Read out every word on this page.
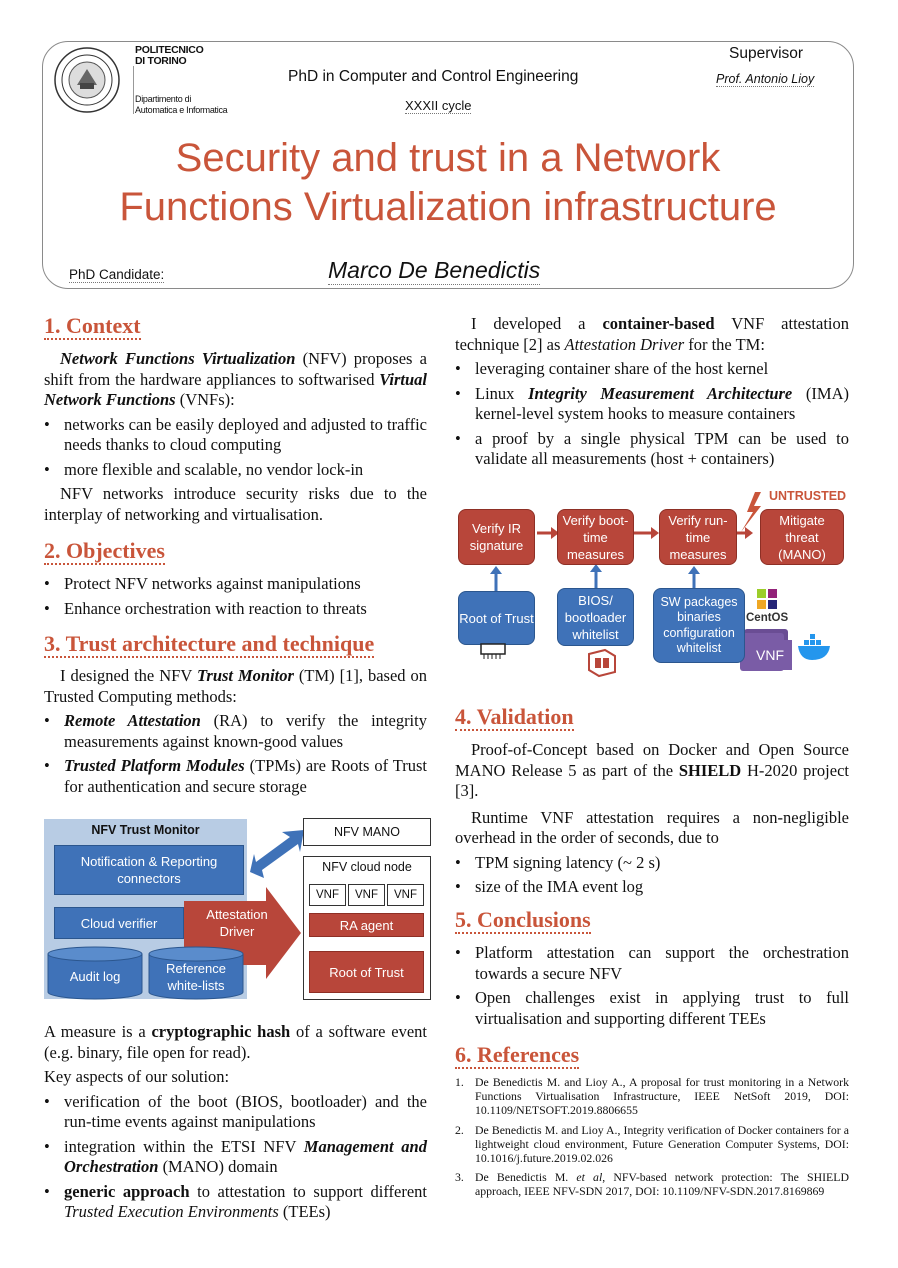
POLITECNICO
DI TORINO
Dipartimento di
Automatica e Informatica
PhD in Computer and Control Engineering
XXXII cycle
Supervisor
Prof. Antonio Lioy
Security and trust in a Network
Functions Virtualization infrastructure
PhD Candidate:	Marco De Benedictis
1. Context
Network Functions Virtualization (NFV) proposes a shift from the hardware appliances to softwarised Virtual Network Functions (VNFs):
• networks can be easily deployed and adjusted to traffic needs thanks to cloud computing
• more flexible and scalable, no vendor lock-in
NFV networks introduce security risks due to the interplay of networking and virtualisation.
2. Objectives
• Protect NFV networks against manipulations
• Enhance orchestration with reaction to threats
3. Trust architecture and technique
I designed the NFV Trust Monitor (TM) [1], based on Trusted Computing methods:
• Remote Attestation (RA) to verify the integrity measurements against known-good values
• Trusted Platform Modules (TPMs) are Roots of Trust for authentication and secure storage
NFV Trust Monitor
Notification & Reporting connectors
Cloud verifier
Attestation Driver
Audit log
Reference white-lists
NFV MANO
NFV cloud node
VNF	VNF	VNF
RA agent
Root of Trust
A measure is a cryptographic hash of a software event (e.g. binary, file open for read).
Key aspects of our solution:
• verification of the boot (BIOS, bootloader) and the run-time events against manipulations
• integration within the ETSI NFV Management and Orchestration (MANO) domain
• generic approach to attestation to support different Trusted Execution Environments (TEEs)
I developed a container-based VNF attestation technique [2] as Attestation Driver for the TM:
• leveraging container share of the host kernel
• Linux Integrity Measurement Architecture (IMA) kernel-level system hooks to measure containers
• a proof by a single physical TPM can be used to validate all measurements (host + containers)
UNTRUSTED
Verify IR signature
Verify boot-time measures
Verify run-time measures
Mitigate threat (MANO)
Root of Trust
BIOS/ bootloader whitelist
SW packages binaries configuration whitelist
CentOS
VNF
4. Validation
Proof-of-Concept based on Docker and Open Source MANO Release 5 as part of the SHIELD H-2020 project [3].
Runtime VNF attestation requires a non-negligible overhead in the order of seconds, due to
• TPM signing latency (~ 2 s)
• size of the IMA event log
5. Conclusions
• Platform attestation can support the orchestration towards a secure NFV
• Open challenges exist in applying trust to full virtualisation and supporting different TEEs
6. References
1. De Benedictis M. and Lioy A., A proposal for trust monitoring in a Network Functions Virtualisation Infrastructure, IEEE NetSoft 2019, DOI: 10.1109/NETSOFT.2019.8806655
2. De Benedictis M. and Lioy A., Integrity verification of Docker containers for a lightweight cloud environment, Future Generation Computer Systems, DOI: 10.1016/j.future.2019.02.026
3. De Benedictis M. et al, NFV-based network protection: The SHIELD approach, IEEE NFV-SDN 2017, DOI: 10.1109/NFV-SDN.2017.8169869
